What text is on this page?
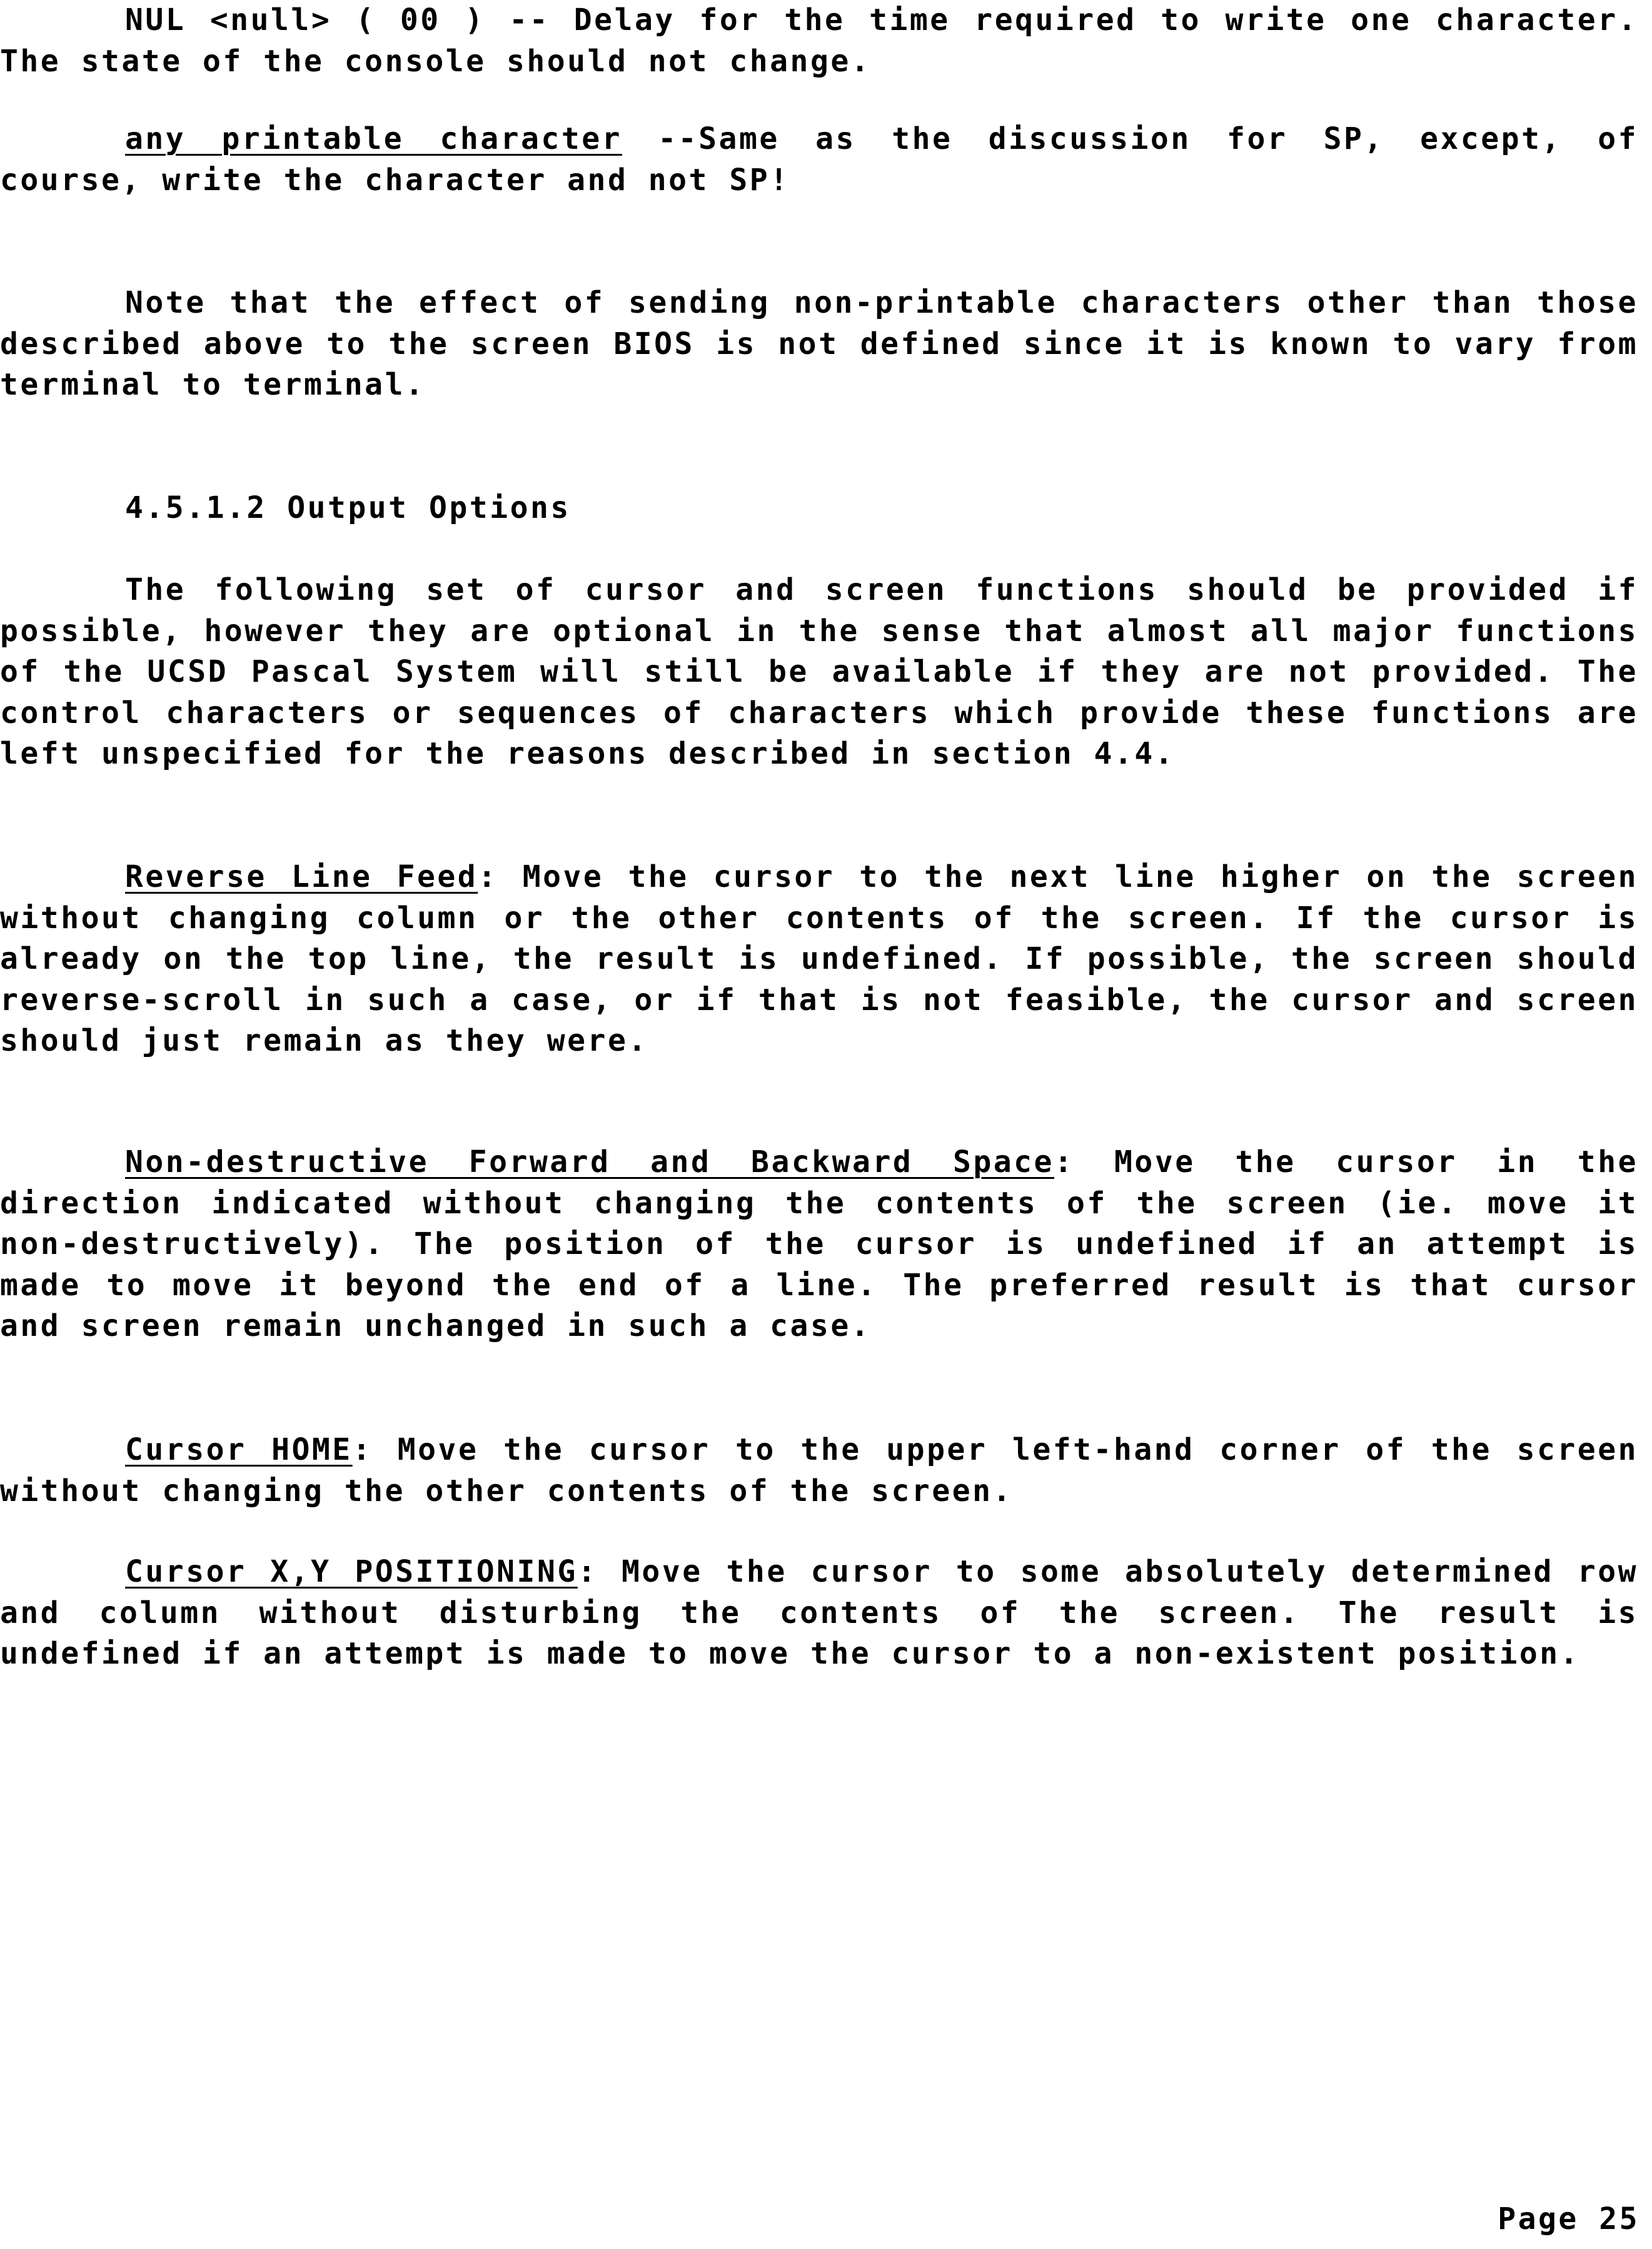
NUL <null> ( 00 ) -- Delay for the time required to write one character. The state of the console should not change.

any printable character --Same as the discussion for SP, except, of course, write the character and not SP!

Note that the effect of sending non-printable characters other than those described above to the screen BIOS is not defined since it is known to vary from terminal to terminal.

4.5.1.2 Output Options

The following set of cursor and screen functions should be provided if possible, however they are optional in the sense that almost all major functions of the UCSD Pascal System will still be available if they are not provided. The control characters or sequences of characters which provide these functions are left unspecified for the reasons described in section 4.4.

Reverse Line Feed: Move the cursor to the next line higher on the screen without changing column or the other contents of the screen. If the cursor is already on the top line, the result is undefined. If possible, the screen should reverse-scroll in such a case, or if that is not feasible, the cursor and screen should just remain as they were.

Non-destructive Forward and Backward Space: Move the cursor in the direction indicated without changing the contents of the screen (ie. move it non-destructively). The position of the cursor is undefined if an attempt is made to move it beyond the end of a line. The preferred result is that cursor and screen remain unchanged in such a case.

Cursor HOME: Move the cursor to the upper left-hand corner of the screen without changing the other contents of the screen.

Cursor X,Y POSITIONING: Move the cursor to some absolutely determined row and column without disturbing the contents of the screen. The result is undefined if an attempt is made to move the cursor to a non-existent position.

Page 25
